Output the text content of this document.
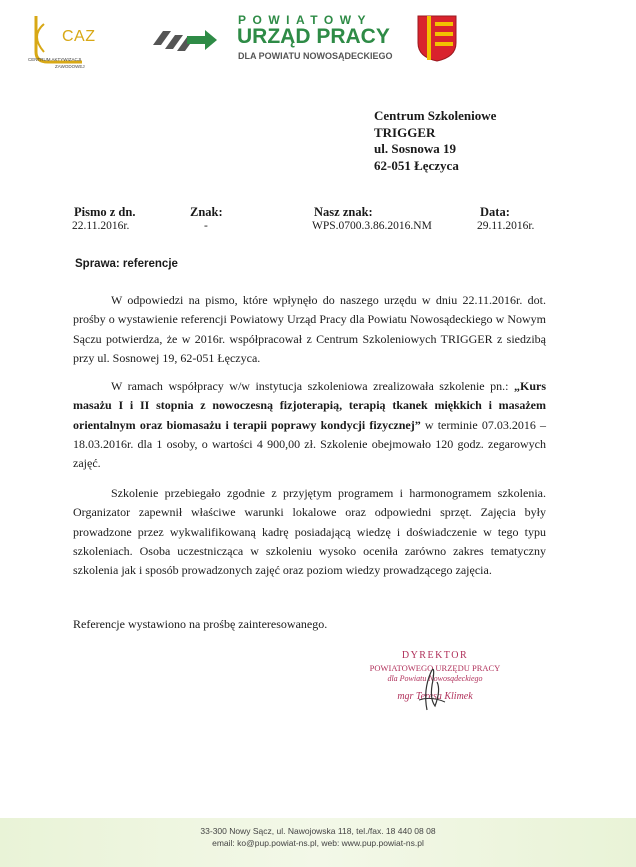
CAZ
CENTRUM AKTYWIZACJI
ZAWODOWEJ
POWIATOWY
URZĄD PRACY
DLA POWIATU NOWOSĄDECKIEGO
Centrum Szkoleniowe
TRIGGER
ul. Sosnowa 19
62-051 Łęczyca
Pismo z dn.
22.11.2016r.
Znak:
-
Nasz znak:
WPS.0700.3.86.2016.NM
Data:
29.11.2016r.
Sprawa: referencje
W odpowiedzi na pismo, które wpłynęło do naszego urzędu w dniu 22.11.2016r. dot. prośby o wystawienie referencji Powiatowy Urząd Pracy dla Powiatu Nowosądeckiego w Nowym Sączu potwierdza, że w 2016r. współpracował z Centrum Szkoleniowych TRIGGER z siedzibą przy ul. Sosnowej 19, 62-051 Łęczyca.
W ramach współpracy w/w instytucja szkoleniowa zrealizowała szkolenie pn.: „Kurs masażu I i II stopnia z nowoczesną fizjoterapią, terapią tkanek miękkich i masażem orientalnym oraz biomasażu i terapii poprawy kondycji fizycznej” w terminie 07.03.2016 – 18.03.2016r. dla 1 osoby, o wartości 4 900,00 zł. Szkolenie obejmowało 120 godz. zegarowych zajęć.
Szkolenie przebiegało zgodnie z przyjętym programem i harmonogramem szkolenia. Organizator zapewnił właściwe warunki lokalowe oraz odpowiedni sprzęt. Zajęcia były prowadzone przez wykwalifikowaną kadrę posiadającą wiedzę i doświadczenie w tego typu szkoleniach. Osoba uczestnicząca w szkoleniu wysoko oceniła zarówno zakres tematyczny szkolenia jak i sposób prowadzonych zajęć oraz poziom wiedzy prowadzącego zajęcia.
Referencje wystawiono na prośbę zainteresowanego.
DYREKTOR
POWIATOWEGO URZĘDU PRACY
dla Powiatu Nowosądeckiego
mgr Teresa Klimek
33-300 Nowy Sącz, ul. Nawojowska 118, tel./fax. 18 440 08 08
email: ko@pup.powiat-ns.pl, web: www.pup.powiat-ns.pl
